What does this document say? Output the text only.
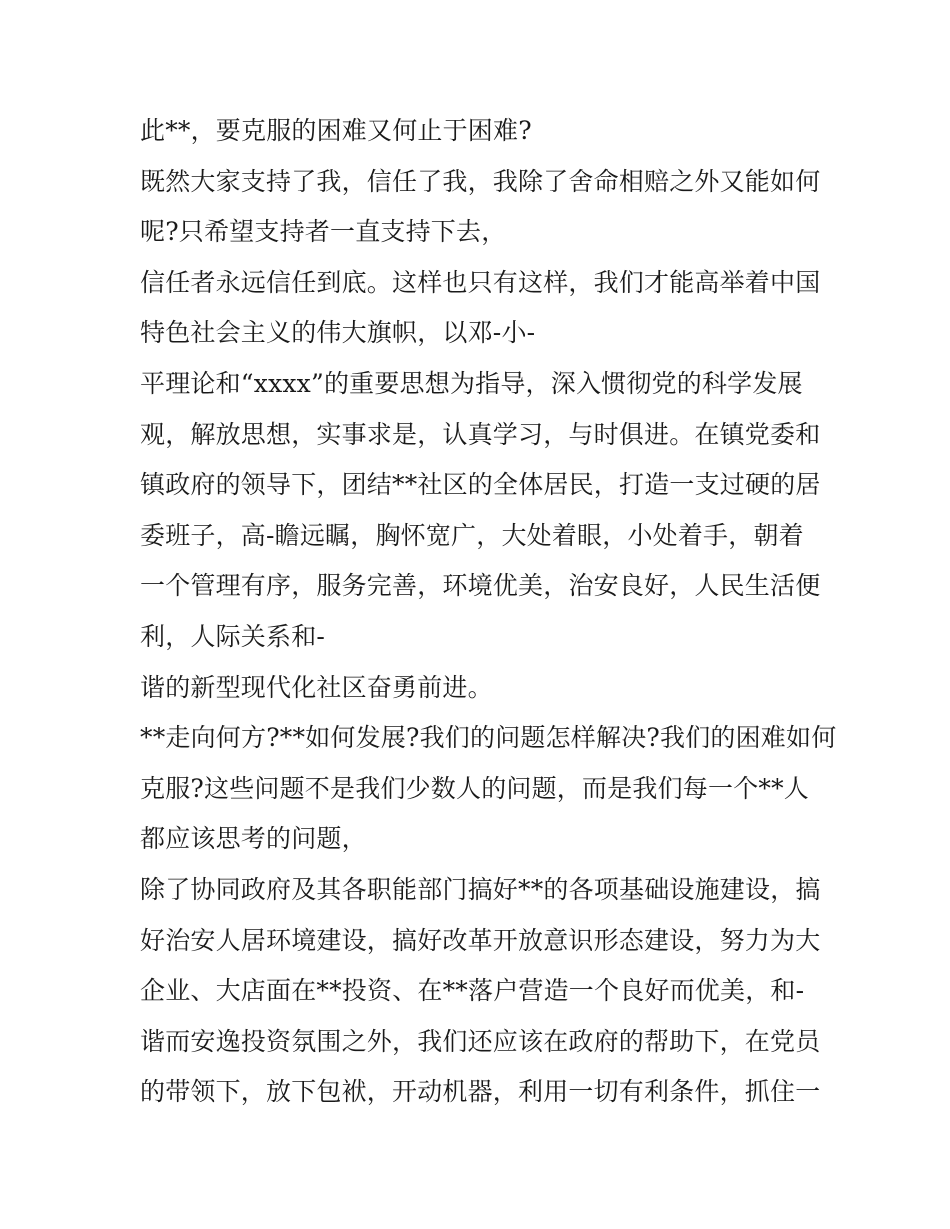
此**，要克服的困难又何止于困难?
既然大家支持了我，信任了我，我除了舍命相赔之外又能如何
呢?只希望支持者一直支持下去，
信任者永远信任到底。这样也只有这样，我们才能高举着中国
特色社会主义的伟大旗帜，以邓-小-
平理论和“xxxx”的重要思想为指导，深入惯彻党的科学发展
观，解放思想，实事求是，认真学习，与时俱进。在镇党委和
镇政府的领导下，团结**社区的全体居民，打造一支过硬的居
委班子，高-瞻远瞩，胸怀宽广，大处着眼，小处着手，朝着
一个管理有序，服务完善，环境优美，治安良好，人民生活便
利，人际关系和-
谐的新型现代化社区奋勇前进。
**走向何方?**如何发展?我们的问题怎样解决?我们的困难如何
克服?这些问题不是我们少数人的问题，而是我们每一个**人
都应该思考的问题，
除了协同政府及其各职能部门搞好**的各项基础设施建设，搞
好治安人居环境建设，搞好改革开放意识形态建设，努力为大
企业、大店面在**投资、在**落户营造一个良好而优美，和-
谐而安逸投资氛围之外，我们还应该在政府的帮助下，在党员
的带领下，放下包袱，开动机器，利用一切有利条件，抓住一
